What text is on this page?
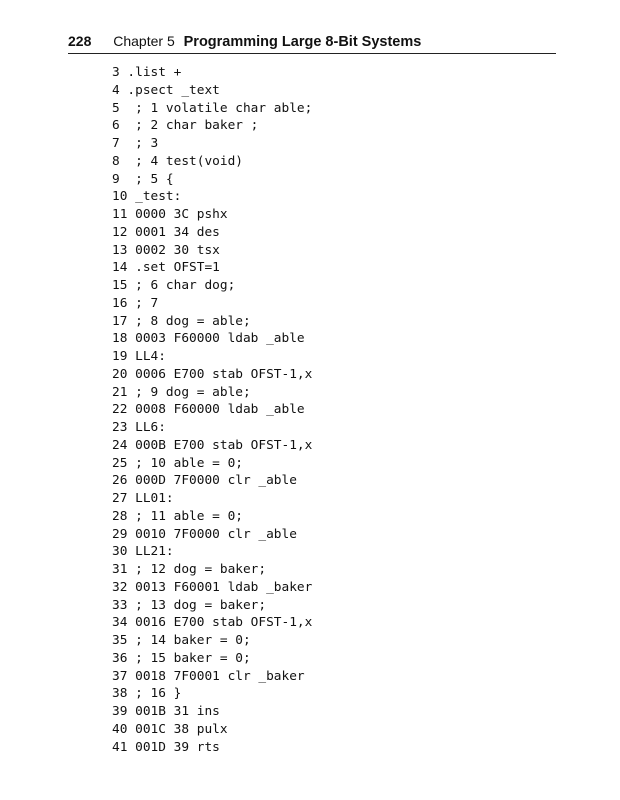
228 Chapter 5 Programming Large 8-Bit Systems
3 .list +
4 .psect _text
5  ; 1 volatile char able;
6  ; 2 char baker ;
7  ; 3
8  ; 4 test(void)
9  ; 5 {
10 _test:
11 0000 3C pshx
12 0001 34 des
13 0002 30 tsx
14 .set OFST=1
15 ; 6 char dog;
16 ; 7
17 ; 8 dog = able;
18 0003 F60000 ldab _able
19 LL4:
20 0006 E700 stab OFST-1,x
21 ; 9 dog = able;
22 0008 F60000 ldab _able
23 LL6:
24 000B E700 stab OFST-1,x
25 ; 10 able = 0;
26 000D 7F0000 clr _able
27 LL01:
28 ; 11 able = 0;
29 0010 7F0000 clr _able
30 LL21:
31 ; 12 dog = baker;
32 0013 F60001 ldab _baker
33 ; 13 dog = baker;
34 0016 E700 stab OFST-1,x
35 ; 14 baker = 0;
36 ; 15 baker = 0;
37 0018 7F0001 clr _baker
38 ; 16 }
39 001B 31 ins
40 001C 38 pulx
41 001D 39 rts
